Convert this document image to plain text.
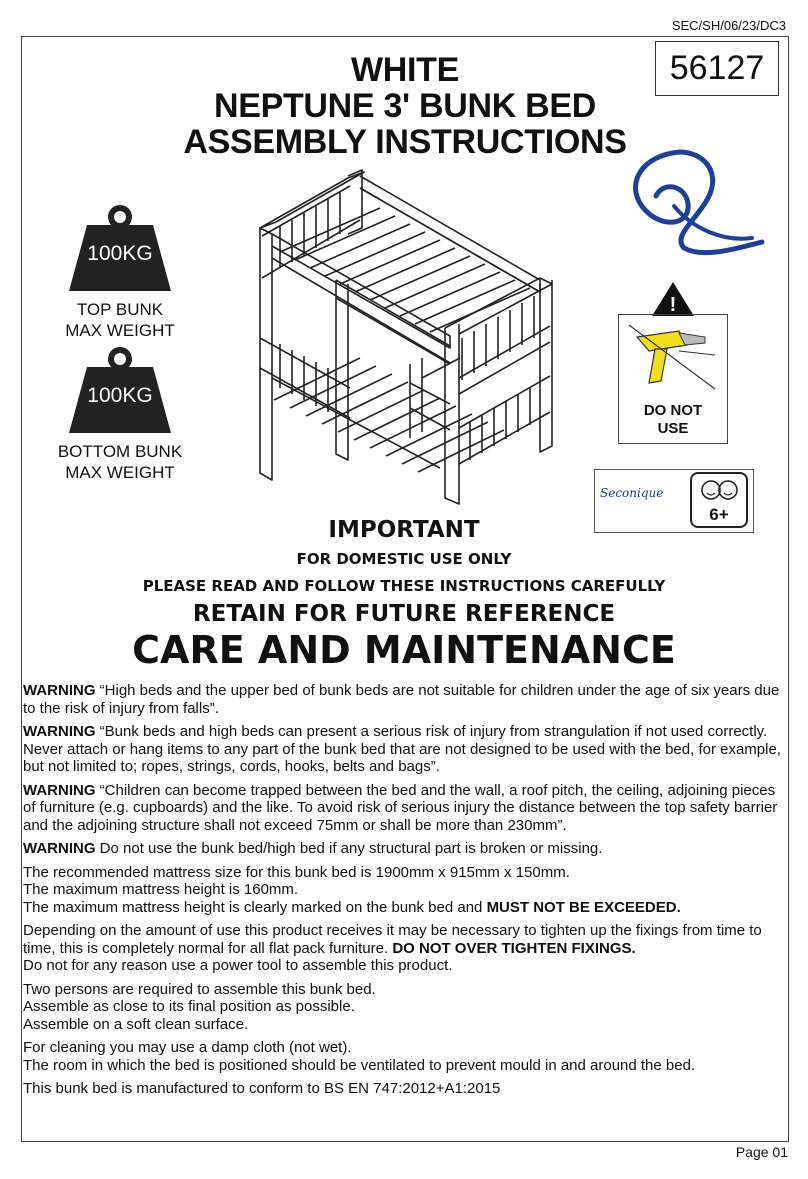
SEC/SH/06/23/DC3
WHITE
NEPTUNE 3' BUNK BED
ASSEMBLY INSTRUCTIONS
56127
100KG
TOP BUNK
MAX WEIGHT
100KG
BOTTOM BUNK
MAX WEIGHT
!
DO NOT
USE
Seconique
6+
IMPORTANT
FOR DOMESTIC USE ONLY
PLEASE READ AND FOLLOW THESE INSTRUCTIONS CAREFULLY
RETAIN FOR FUTURE REFERENCE
CARE AND MAINTENANCE

WARNING “High beds and the upper bed of bunk beds are not suitable for children under the age of six years due to the risk of injury from falls”.

WARNING “Bunk beds and high beds can present a serious risk of injury from strangulation if not used correctly. Never attach or hang items to any part of the bunk bed that are not designed to be used with the bed, for example, but not limited to; ropes, strings, cords, hooks, belts and bags”.

WARNING “Children can become trapped between the bed and the wall, a roof pitch, the ceiling, adjoining pieces of furniture (e.g. cupboards) and the like. To avoid risk of serious injury the distance between the top safety barrier and the adjoining structure shall not exceed 75mm or shall be more than 230mm”.

WARNING Do not use the bunk bed/high bed if any structural part is broken or missing.

The recommended mattress size for this bunk bed is 1900mm x 915mm x 150mm.
The maximum mattress height is 160mm.
The maximum mattress height is clearly marked on the bunk bed and MUST NOT BE EXCEEDED.

Depending on the amount of use this product receives it may be necessary to tighten up the fixings from time to time, this is completely normal for all flat pack furniture. DO NOT OVER TIGHTEN FIXINGS.
Do not for any reason use a power tool to assemble this product.

Two persons are required to assemble this bunk bed.
Assemble as close to its final position as possible.
Assemble on a soft clean surface.

For cleaning you may use a damp cloth (not wet).
The room in which the bed is positioned should be ventilated to prevent mould in and around the bed.

This bunk bed is manufactured to conform to BS EN 747:2012+A1:2015

Page 01
